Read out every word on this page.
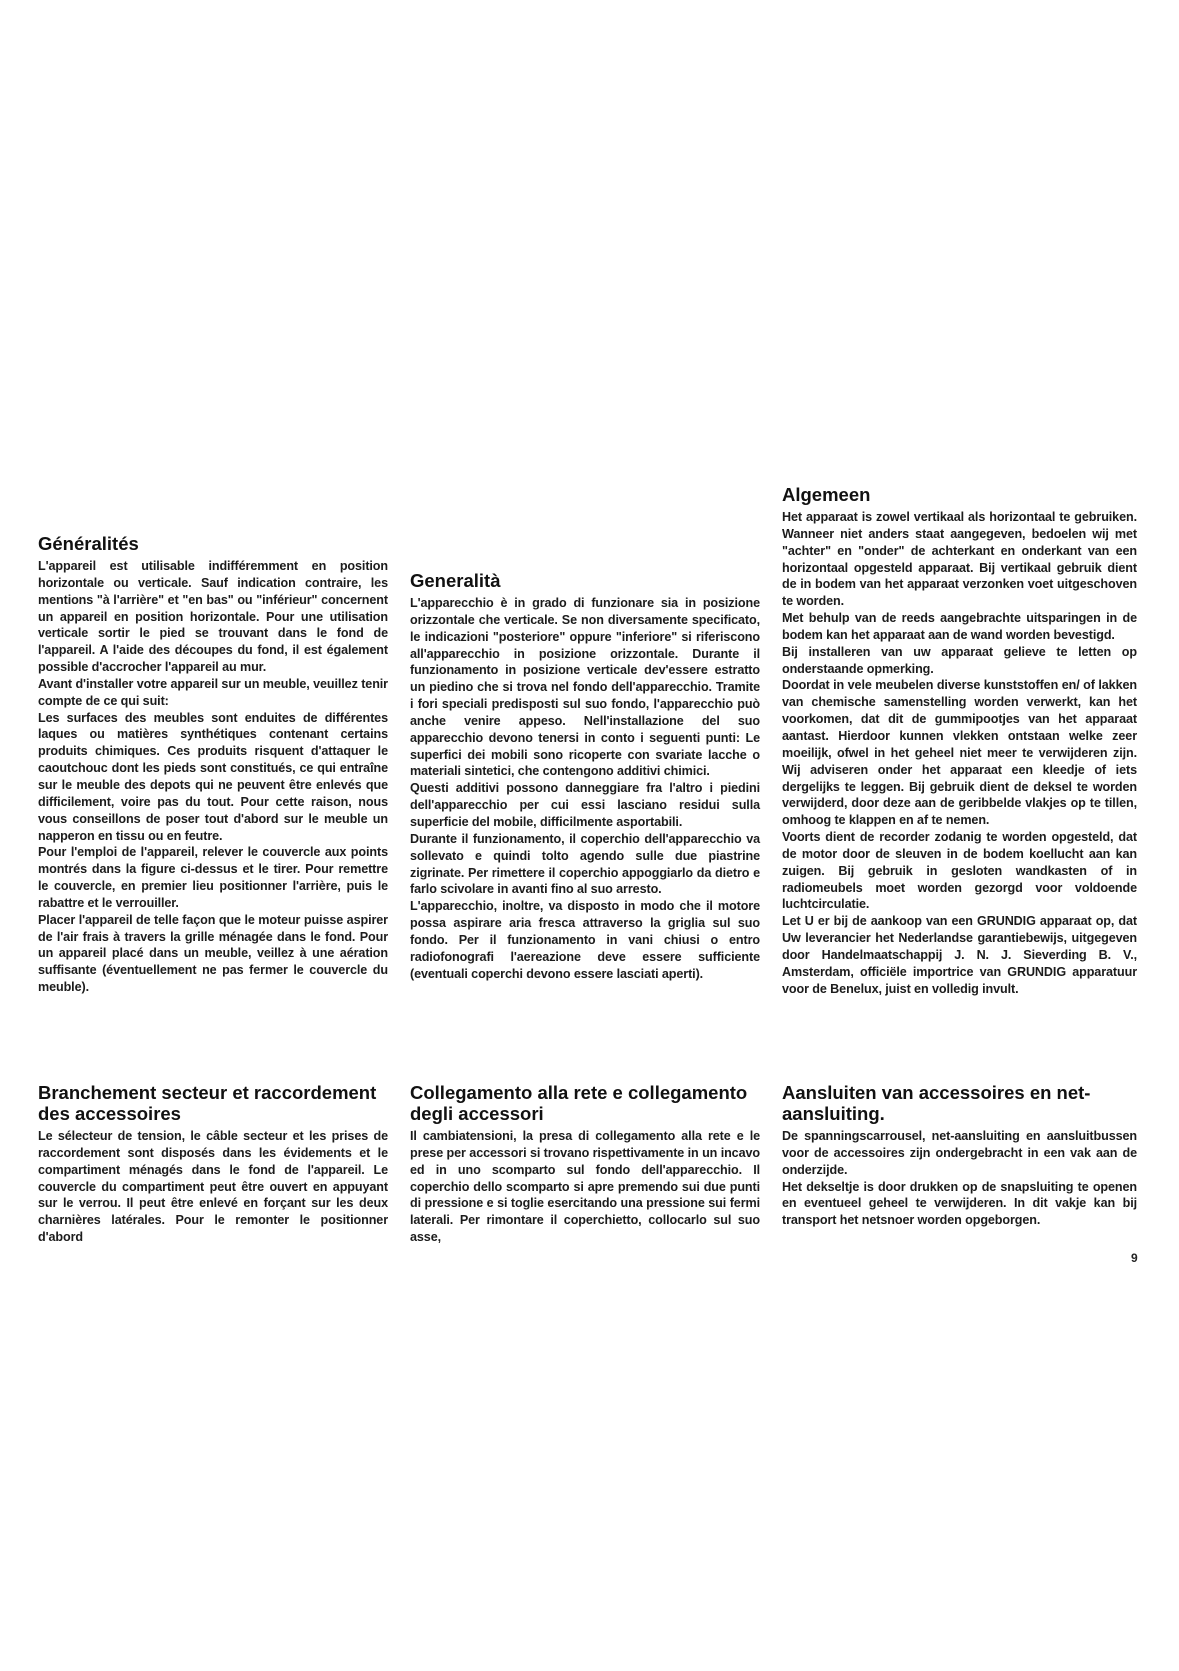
Généralités

L'appareil est utilisable indifféremment en position horizontale ou verticale. Sauf indication contraire, les mentions "à l'arrière" et "en bas" ou "inférieur" concernent un appareil en position horizontale. Pour une utilisation verticale sortir le pied se trouvant dans le fond de l'appareil. A l'aide des découpes du fond, il est également possible d'accrocher l'appareil au mur.

Avant d'installer votre appareil sur un meuble, veuillez tenir compte de ce qui suit:

Les surfaces des meubles sont enduites de différentes laques ou matières synthétiques contenant certains produits chimiques. Ces produits risquent d'attaquer le caoutchouc dont les pieds sont constitués, ce qui entraîne sur le meuble des depots qui ne peuvent être enlevés que difficilement, voire pas du tout. Pour cette raison, nous vous conseillons de poser tout d'abord sur le meuble un napperon en tissu ou en feutre.

Pour l'emploi de l'appareil, relever le couvercle aux points montrés dans la figure ci-dessus et le tirer. Pour remettre le couvercle, en premier lieu positionner l'arrière, puis le rabattre et le verrouiller.

Placer l'appareil de telle façon que le moteur puisse aspirer de l'air frais à travers la grille ménagée dans le fond. Pour un appareil placé dans un meuble, veillez à une aération suffisante (éventuellement ne pas fermer le couvercle du meuble).

Branchement secteur et raccordement des accessoires

Le sélecteur de tension, le câble secteur et les prises de raccordement sont disposés dans les évidements et le compartiment ménagés dans le fond de l'appareil. Le couvercle du compartiment peut être ouvert en appuyant sur le verrou. Il peut être enlevé en forçant sur les deux charnières latérales. Pour le remonter le positionner d'abord

Generalità

L'apparecchio è in grado di funzionare sia in posizione orizzontale che verticale. Se non diversamente specificato, le indicazioni "posteriore" oppure "inferiore" si riferiscono all'apparecchio in posizione orizzontale. Durante il funzionamento in posizione verticale dev'essere estratto un piedino che si trova nel fondo dell'apparecchio. Tramite i fori speciali predisposti sul suo fondo, l'apparecchio può anche venire appeso. Nell'installazione del suo apparecchio devono tenersi in conto i seguenti punti: Le superfici dei mobili sono ricoperte con svariate lacche o materiali sintetici, che contengono additivi chimici.

Questi additivi possono danneggiare fra l'altro i piedini dell'apparecchio per cui essi lasciano residui sulla superficie del mobile, difficilmente asportabili.

Durante il funzionamento, il coperchio dell'apparecchio va sollevato e quindi tolto agendo sulle due piastrine zigrinate. Per rimettere il coperchio appoggiarlo da dietro e farlo scivolare in avanti fino al suo arresto.

L'apparecchio, inoltre, va disposto in modo che il motore possa aspirare aria fresca attraverso la griglia sul suo fondo. Per il funzionamento in vani chiusi o entro radiofonografi l'aereazione deve essere sufficiente (eventuali coperchi devono essere lasciati aperti).

Collegamento alla rete e collegamento degli accessori

Il cambiatensioni, la presa di collegamento alla rete e le prese per accessori si trovano rispettivamente in un incavo ed in uno scomparto sul fondo dell'apparecchio. Il coperchio dello scomparto si apre premendo sui due punti di pressione e si toglie esercitando una pressione sui fermi laterali. Per rimontare il coperchietto, collocarlo sul suo asse,

Algemeen

Het apparaat is zowel vertikaal als horizontaal te gebruiken. Wanneer niet anders staat aangegeven, bedoelen wij met "achter" en "onder" de achterkant en onderkant van een horizontaal opgesteld apparaat. Bij vertikaal gebruik dient de in bodem van het apparaat verzonken voet uitgeschoven te worden.

Met behulp van de reeds aangebrachte uitsparingen in de bodem kan het apparaat aan de wand worden bevestigd.

Bij installeren van uw apparaat gelieve te letten op onderstaande opmerking.

Doordat in vele meubelen diverse kunststoffen en/ of lakken van chemische samenstelling worden verwerkt, kan het voorkomen, dat dit de gummipootjes van het apparaat aantast. Hierdoor kunnen vlekken ontstaan welke zeer moeilijk, ofwel in het geheel niet meer te verwijderen zijn. Wij adviseren onder het apparaat een kleedje of iets dergelijks te leggen. Bij gebruik dient de deksel te worden verwijderd, door deze aan de geribbelde vlakjes op te tillen, omhoog te klappen en af te nemen.

Voorts dient de recorder zodanig te worden opgesteld, dat de motor door de sleuven in de bodem koellucht aan kan zuigen. Bij gebruik in gesloten wandkasten of in radiomeubels moet worden gezorgd voor voldoende luchtcirculatie.

Let U er bij de aankoop van een GRUNDIG apparaat op, dat Uw leverancier het Nederlandse garantiebewijs, uitgegeven door Handelmaatschappij J. N. J. Sieverding B. V., Amsterdam, officiële importrice van GRUNDIG apparatuur voor de Benelux, juist en volledig invult.

Aansluiten van accessoires en net-aansluiting.

De spanningscarrousel, net-aansluiting en aansluitbussen voor de accessoires zijn ondergebracht in een vak aan de onderzijde.

Het dekseltje is door drukken op de snapsluiting te openen en eventueel geheel te verwijderen. In dit vakje kan bij transport het netsnoer worden opgeborgen.

9
